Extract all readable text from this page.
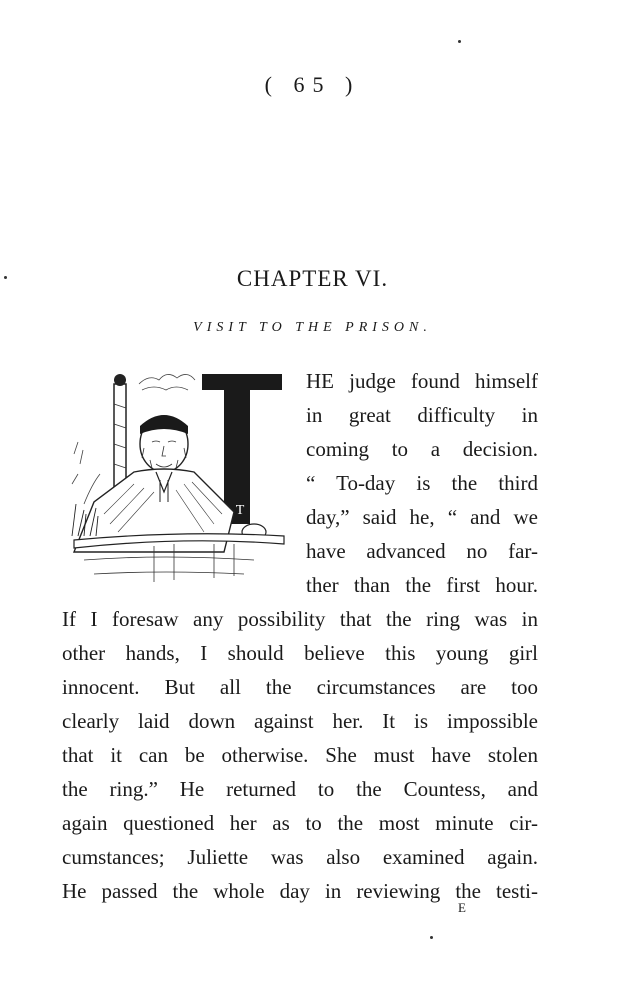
( 65 )
CHAPTER VI.
VISIT TO THE PRISON.
T
HE judge found himself
in great difficulty in
coming to a decision.
“ To-day is the third
day,” said he, “ and we
have advanced no far-
ther than the first hour.
If I foresaw any possibility that the ring was in
other hands, I should believe this young girl
innocent. But all the circumstances are too
clearly laid down against her. It is impossible
that it can be otherwise. She must have stolen
the ring.” He returned to the Countess, and
again questioned her as to the most minute cir-
cumstances; Juliette was also examined again.
He passed the whole day in reviewing the testi-
E
